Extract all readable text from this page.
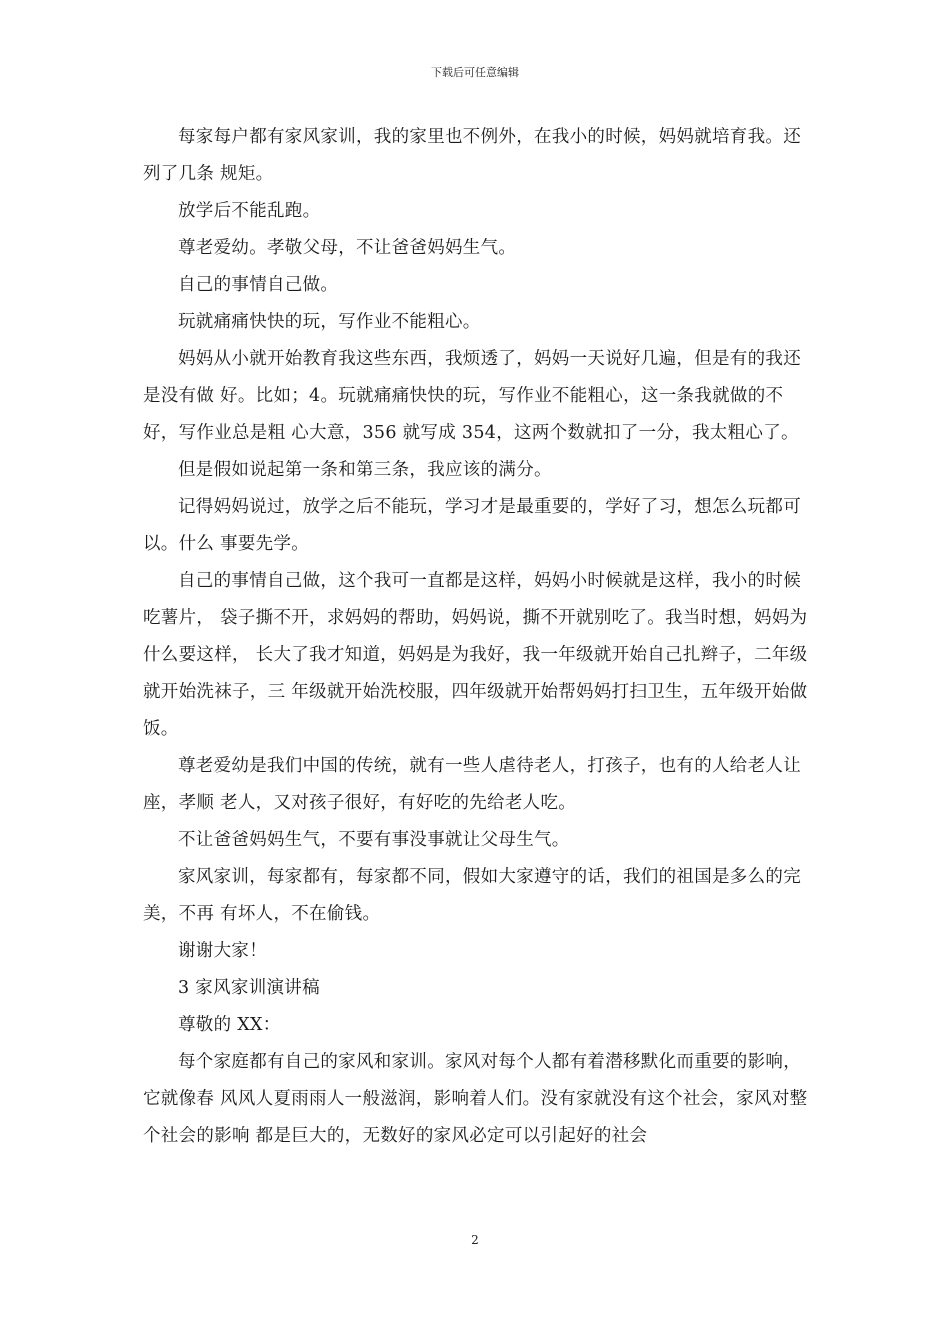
下载后可任意编辑

每家每户都有家风家训，我的家里也不例外，在我小的时候，妈妈就培育我。还列了几条 规矩。

放学后不能乱跑。

尊老爱幼。孝敬父母，不让爸爸妈妈生气。

自己的事情自己做。

玩就痛痛快快的玩，写作业不能粗心。

妈妈从小就开始教育我这些东西，我烦透了，妈妈一天说好几遍，但是有的我还是没有做 好。比如；4。玩就痛痛快快的玩，写作业不能粗心，这一条我就做的不好，写作业总是粗 心大意，356 就写成 354，这两个数就扣了一分，我太粗心了。

但是假如说起第一条和第三条，我应该的满分。

记得妈妈说过，放学之后不能玩，学习才是最重要的，学好了习，想怎么玩都可以。什么 事要先学。

自己的事情自己做，这个我可一直都是这样，妈妈小时候就是这样，我小的时候吃薯片， 袋子撕不开，求妈妈的帮助，妈妈说，撕不开就别吃了。我当时想，妈妈为什么要这样， 长大了我才知道，妈妈是为我好，我一年级就开始自己扎辫子，二年级就开始洗袜子，三 年级就开始洗校服，四年级就开始帮妈妈打扫卫生，五年级开始做饭。

尊老爱幼是我们中国的传统，就有一些人虐待老人，打孩子，也有的人给老人让座，孝顺 老人，又对孩子很好，有好吃的先给老人吃。

不让爸爸妈妈生气，不要有事没事就让父母生气。

家风家训，每家都有，每家都不同，假如大家遵守的话，我们的祖国是多么的完美，不再 有坏人，不在偷钱。

谢谢大家！

3 家风家训演讲稿

尊敬的 XX：

每个家庭都有自己的家风和家训。家风对每个人都有着潜移默化而重要的影响，它就像春 风风人夏雨雨人一般滋润，影响着人们。没有家就没有这个社会，家风对整个社会的影响 都是巨大的，无数好的家风必定可以引起好的社会

2
